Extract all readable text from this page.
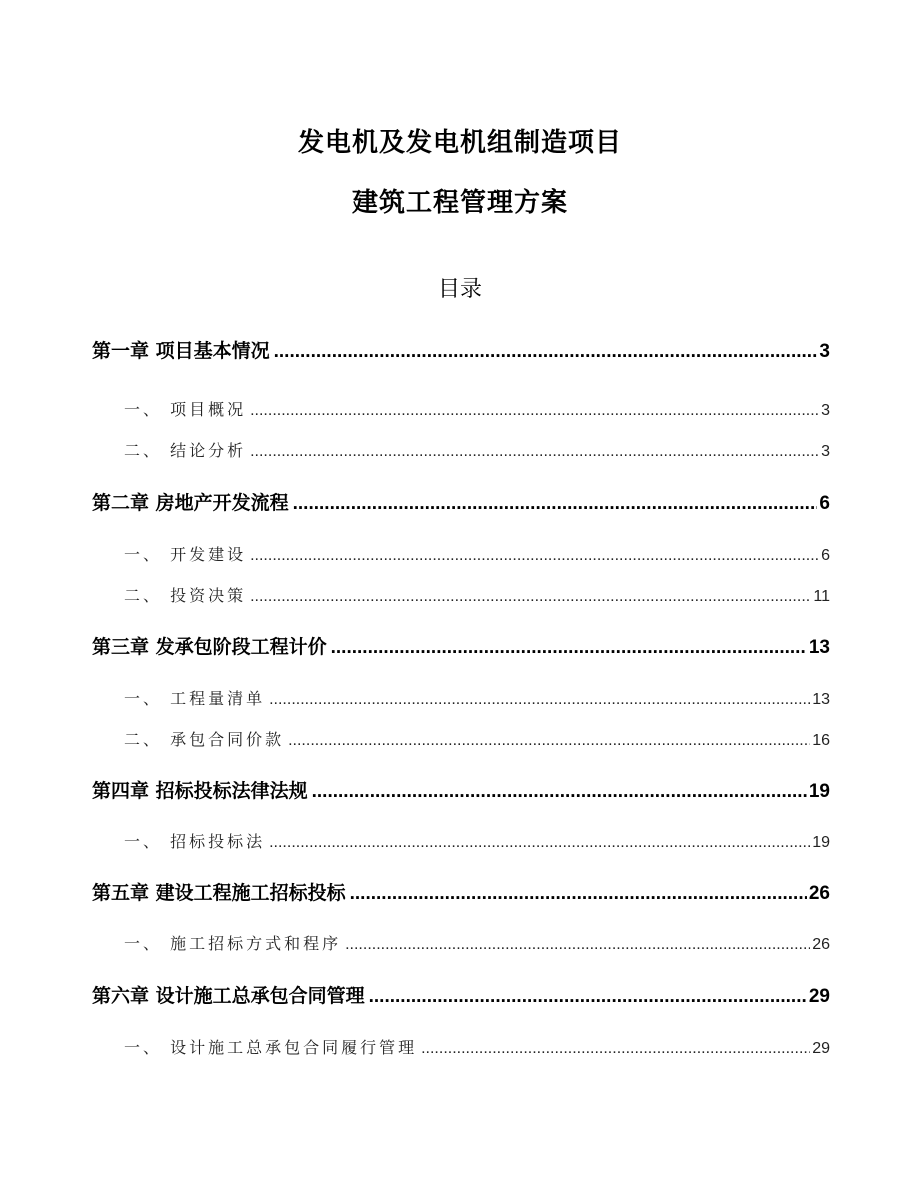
发电机及发电机组制造项目
建筑工程管理方案
目录
第一章 项目基本情况 .....	3
一、 项目概况 .....	3
二、 结论分析 .....	3
第二章 房地产开发流程 .....	6
一、 开发建设 .....	6
二、 投资决策 .....	11
第三章 发承包阶段工程计价 .....	13
一、 工程量清单 .....	13
二、 承包合同价款 .....	16
第四章 招标投标法律法规 .....	19
一、 招标投标法 .....	19
第五章 建设工程施工招标投标 .....	26
一、 施工招标方式和程序 .....	26
第六章 设计施工总承包合同管理 .....	29
一、 设计施工总承包合同履行管理 .....	29
